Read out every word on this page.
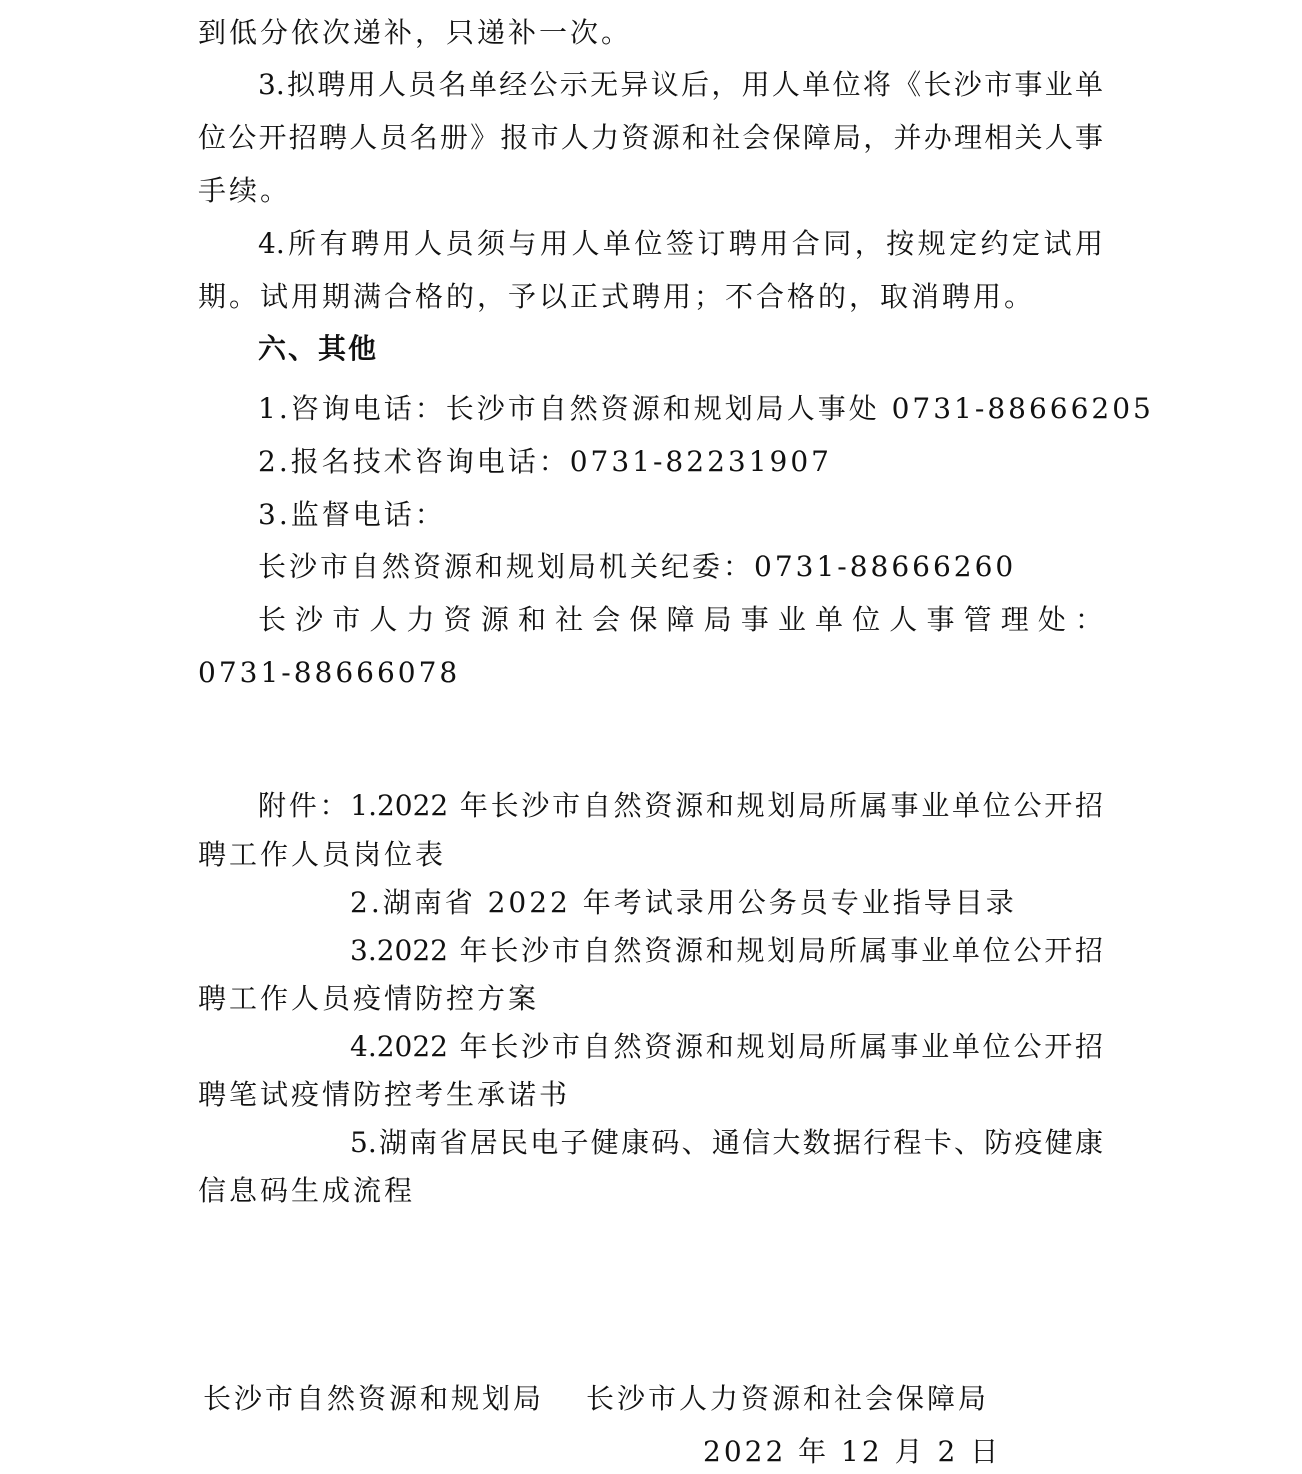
到低分依次递补，只递补一次。
3.拟聘用人员名单经公示无异议后，用人单位将《长沙市事业单
位公开招聘人员名册》报市人力资源和社会保障局，并办理相关人事
手续。
4.所有聘用人员须与用人单位签订聘用合同，按规定约定试用
期。试用期满合格的，予以正式聘用；不合格的，取消聘用。
六、其他
1.咨询电话：长沙市自然资源和规划局人事处 0731-88666205
2.报名技术咨询电话：0731-82231907
3.监督电话：
长沙市自然资源和规划局机关纪委：0731-88666260
长沙市人力资源和社会保障局事业单位人事管理处：
0731-88666078
附件：1.2022 年长沙市自然资源和规划局所属事业单位公开招
聘工作人员岗位表
2.湖南省 2022 年考试录用公务员专业指导目录
3.2022 年长沙市自然资源和规划局所属事业单位公开招
聘工作人员疫情防控方案
4.2022 年长沙市自然资源和规划局所属事业单位公开招
聘笔试疫情防控考生承诺书
5.湖南省居民电子健康码、通信大数据行程卡、防疫健康
信息码生成流程
长沙市自然资源和规划局 长沙市人力资源和社会保障局
2022 年 12 月 2 日
